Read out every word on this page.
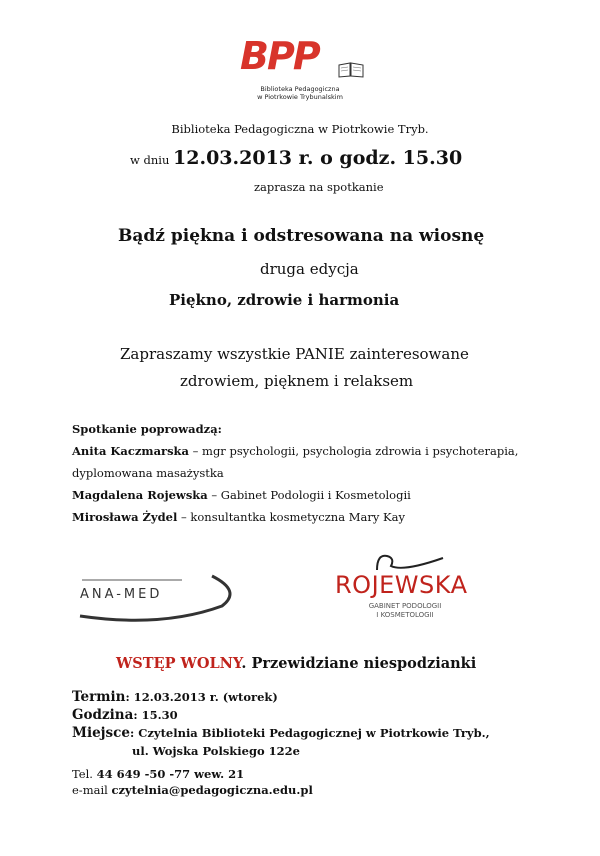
BPP
Biblioteka Pedagogiczna
w Piotrkowie Trybunalskim
Biblioteka Pedagogiczna w Piotrkowie Tryb.
w dniu 12.03.2013 r. o godz. 15.30
zaprasza na spotkanie
Bądź piękna i odstresowana na wiosnę
druga edycja
Piękno, zdrowie i harmonia
Zapraszamy wszystkie PANIE zainteresowane
zdrowiem, pięknem i relaksem
Spotkanie poprowadzą:
Anita Kaczmarska – mgr psychologii, psychologia zdrowia i psychoterapia,
dyplomowana masażystka
Magdalena Rojewska – Gabinet Podologii i Kosmetologii
Mirosława Żydel – konsultantka kosmetyczna Mary Kay
ANA-MED	ROJEWSKA
GABINET PODOLOGII
I KOSMETOLOGII
WSTĘP WOLNY. Przewidziane niespodzianki
Termin: 12.03.2013 r. (wtorek)
Godzina: 15.30
Miejsce: Czytelnia Biblioteki Pedagogicznej w Piotrkowie Tryb.,
ul. Wojska Polskiego 122e
Tel. 44 649 -50 -77 wew. 21
e-mail czytelnia@pedagogiczna.edu.pl
